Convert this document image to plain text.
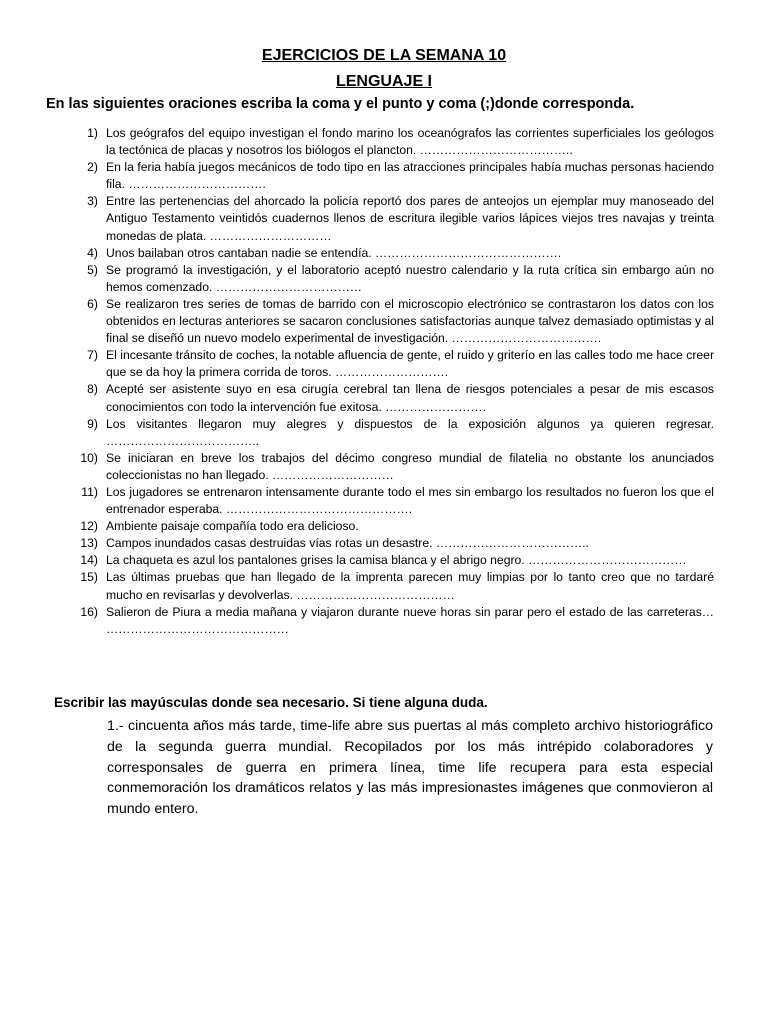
EJERCICIOS DE LA SEMANA 10
LENGUAJE I
En las siguientes oraciones escriba la coma y el punto y coma (;)donde corresponda.
1) Los geógrafos del equipo investigan el fondo marino los oceanógrafos las corrientes superficiales los geólogos la tectónica de placas y nosotros los biólogos el plancton. ………………………………..
2) En la feria había juegos mecánicos de todo tipo en las atracciones principales había muchas personas haciendo fila. …………………………….
3) Entre las pertenencias del ahorcado la policía reportó dos pares de anteojos un ejemplar muy manoseado del Antiguo Testamento veintidós cuadernos llenos de escritura ilegible varios lápices viejos tres navajas y treinta monedas de plata. …………………………
4) Unos bailaban otros cantaban nadie se entendía. ……………………………………….
5) Se programó la investigación, y el laboratorio aceptó nuestro calendario y la ruta crítica sin embargo aún no hemos comenzado. ………………………………
6) Se realizaron tres series de tomas de barrido con el microscopio electrónico se contrastaron los datos con los obtenidos en lecturas anteriores se sacaron conclusiones satisfactorias aunque talvez demasiado optimistas y al final se diseñó un nuevo modelo experimental de investigación. ……………………………….
7) El incesante tránsito de coches, la notable afluencia de gente, el ruido y griterío en las calles todo me hace creer que se da hoy la primera corrida de toros. ……………………….
8) Acepté ser asistente suyo en esa cirugía cerebral tan llena de riesgos potenciales a pesar de mis escasos conocimientos con todo la intervención fue exitosa. …………………….
9) Los visitantes llegaron muy alegres y dispuestos de la exposición algunos ya quieren regresar. ………………………………..
10) Se iniciaran en breve los trabajos del décimo congreso mundial de filatelia no obstante los anunciados coleccionistas no han llegado. …………………………
11) Los jugadores se entrenaron intensamente durante todo el mes sin embargo los resultados no fueron los que el entrenador esperaba. ……………………………………….
12) Ambiente paisaje compañía todo era delicioso.
13) Campos inundados casas destruidas vías rotas un desastre. ………………………………..
14) La chaqueta es azul los pantalones grises la camisa blanca y el abrigo negro. …………………………………
15) Las últimas pruebas que han llegado de la imprenta parecen muy limpias por lo tanto creo que no tardaré mucho en revisarlas y devolverlas. …………………………………
16) Salieron de Piura a media mañana y viajaron durante nueve horas sin parar pero el estado de las carreteras… ………………………………………
Escribir las mayúsculas donde sea necesario. Si tiene alguna duda.
1.- cincuenta años más tarde, time-life abre sus puertas al más completo archivo historiográfico de la segunda guerra mundial. Recopilados por los más intrépido colaboradores y corresponsales de guerra en primera línea, time life recupera para esta especial conmemoración los dramáticos relatos y las más impresionastes imágenes que conmovieron al mundo entero.
